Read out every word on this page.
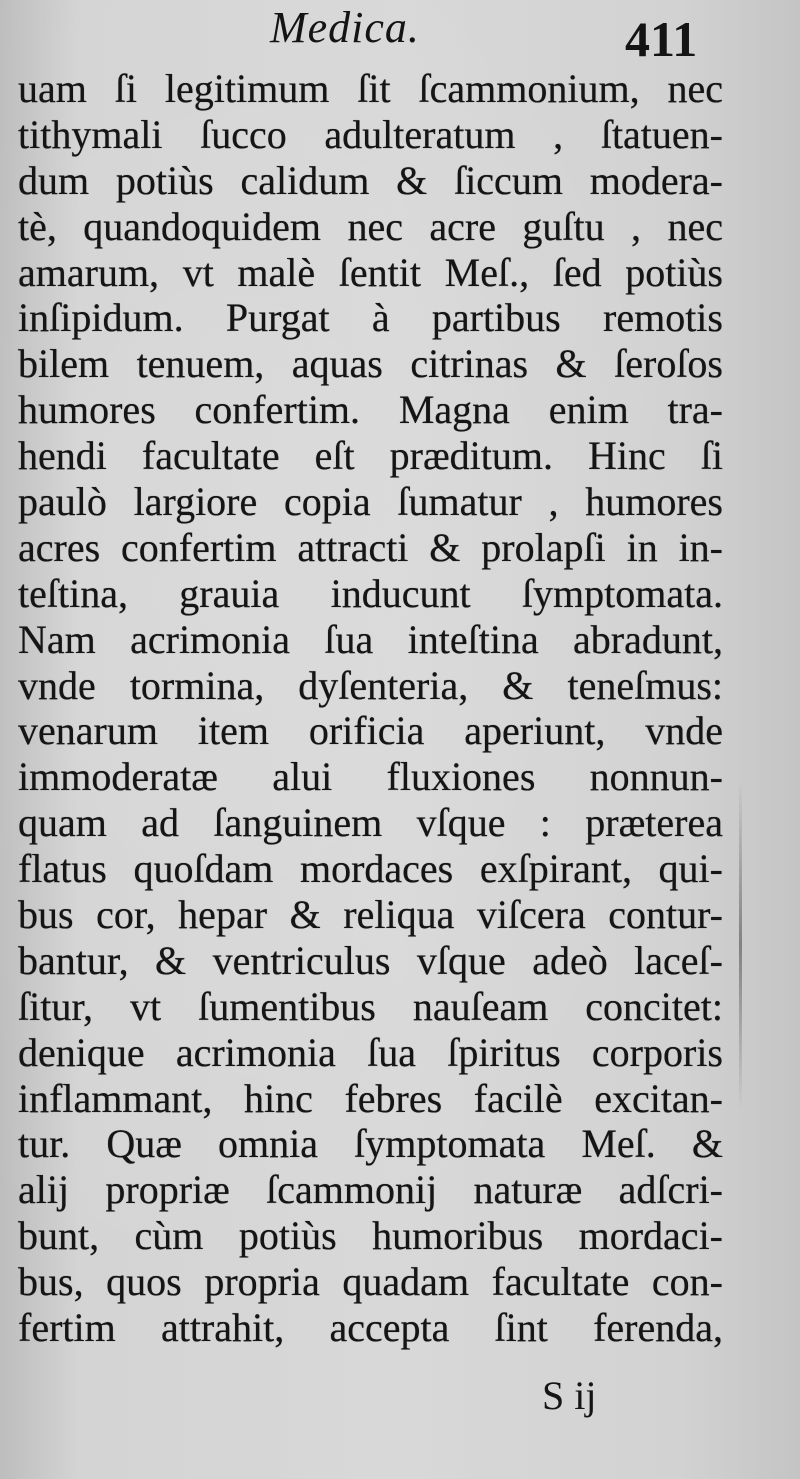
Medica.	411
uam ſi legitimum ſit ſcammonium, nec
tithymali ſucco adulteratum , ſtatuen-
dum potiùs calidum & ſiccum modera-
tè, quandoquidem nec acre guſtu , nec
amarum, vt malè ſentit Meſ., ſed potiùs
inſipidum. Purgat à partibus remotis
bilem tenuem, aquas citrinas & ſeroſos
humores confertim. Magna enim tra-
hendi facultate eſt præditum. Hinc ſi
paulò largiore copia ſumatur , humores
acres confertim attracti & prolapſi in in-
teſtina, grauia inducunt ſymptomata.
Nam acrimonia ſua inteſtina abradunt,
vnde tormina, dyſenteria, & teneſmus:
venarum item orificia aperiunt, vnde
immoderatæ alui fluxiones nonnun-
quam ad ſanguinem vſque : præterea
flatus quoſdam mordaces exſpirant, qui-
bus cor, hepar & reliqua viſcera contur-
bantur, & ventriculus vſque adeò laceſ-
ſitur, vt ſumentibus nauſeam concitet:
denique acrimonia ſua ſpiritus corporis
inflammant, hinc febres facilè excitan-
tur. Quæ omnia ſymptomata Meſ. &
alij propriæ ſcammonij naturæ adſcri-
bunt, cùm potiùs humoribus mordaci-
bus, quos propria quadam facultate con-
fertim attrahit, accepta ſint ferenda,
S ij
